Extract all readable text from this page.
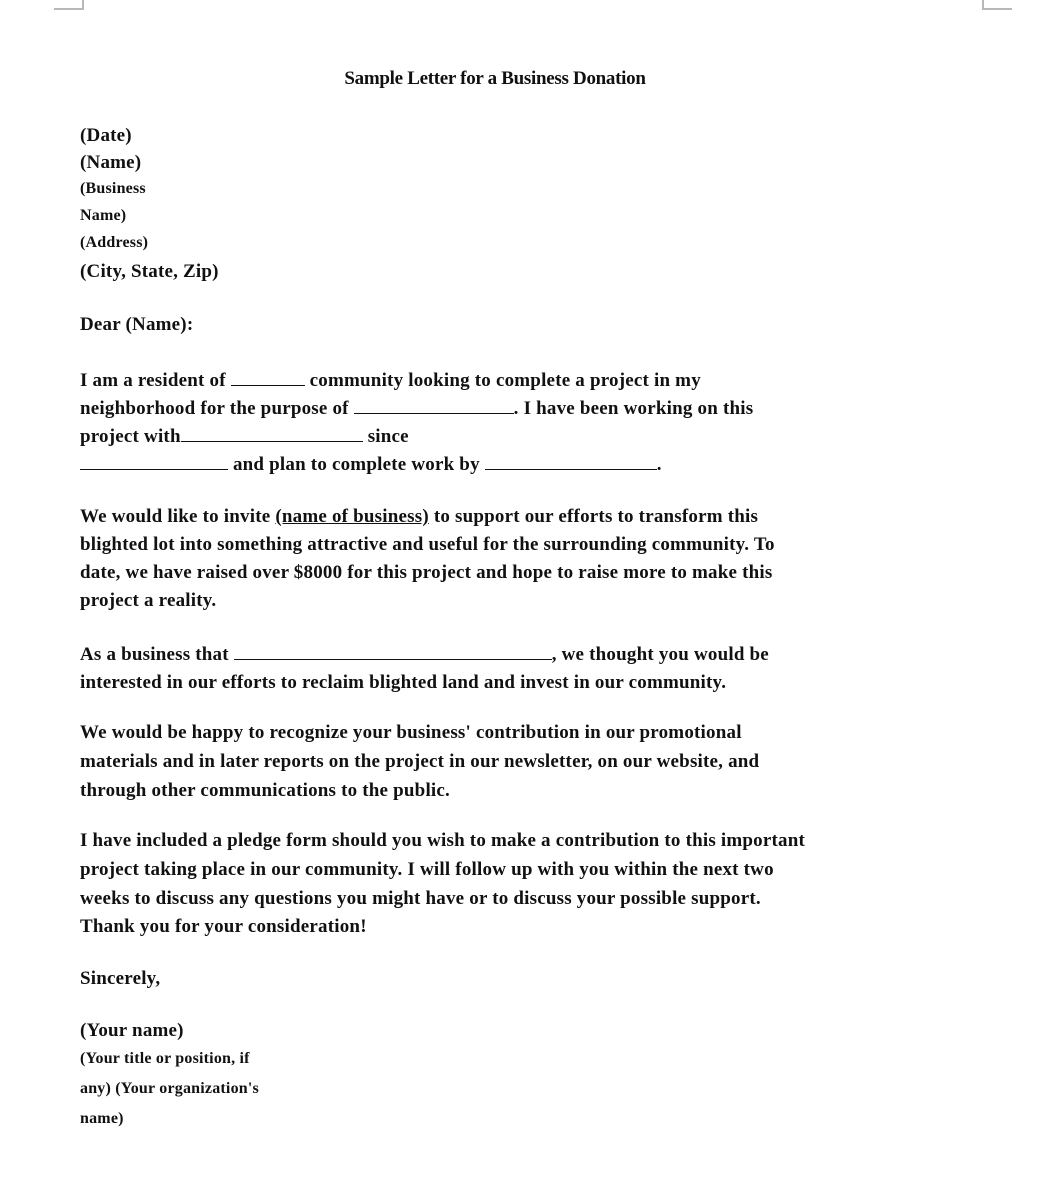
Sample Letter for a Business Donation
(Date)
(Name)
(Business
Name)
(Address)
(City, State, Zip)
Dear (Name):
I am a resident of	community looking to complete a project in my
neighborhood for the purpose of	. I have been working on this
project with	since
and plan to complete work by	.
We would like to invite (name of business) to support our efforts to transform this
blighted lot into something attractive and useful for the surrounding community. To
date, we have raised over $8000 for this project and hope to raise more to make this
project a reality.
As a business that	, we thought you would be
interested in our efforts to reclaim blighted land and invest in our community.
We would be happy to recognize your business' contribution in our promotional
materials and in later reports on the project in our newsletter, on our website, and
through other communications to the public.
I have included a pledge form should you wish to make a contribution to this important
project taking place in our community. I will follow up with you within the next two
weeks to discuss any questions you might have or to discuss your possible support.
Thank you for your consideration!
Sincerely,
(Your name)
(Your title or position, if
any) (Your organization's
name)
